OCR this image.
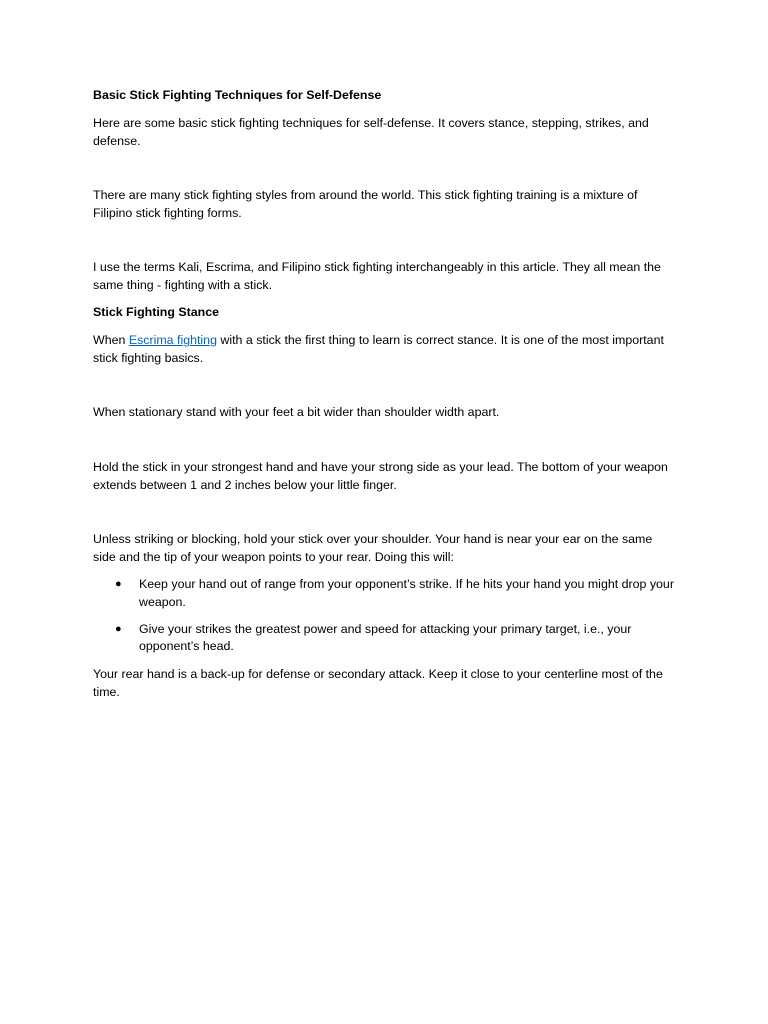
Basic Stick Fighting Techniques for Self-Defense

Here are some basic stick fighting techniques for self-defense. It covers stance, stepping, strikes, and defense.

There are many stick fighting styles from around the world. This stick fighting training is a mixture of Filipino stick fighting forms.

I use the terms Kali, Escrima, and Filipino stick fighting interchangeably in this article. They all mean the same thing - fighting with a stick.

Stick Fighting Stance

When Escrima fighting with a stick the first thing to learn is correct stance. It is one of the most important stick fighting basics.

When stationary stand with your feet a bit wider than shoulder width apart.

Hold the stick in your strongest hand and have your strong side as your lead. The bottom of your weapon extends between 1 and 2 inches below your little finger.

Unless striking or blocking, hold your stick over your shoulder. Your hand is near your ear on the same side and the tip of your weapon points to your rear. Doing this will:

● Keep your hand out of range from your opponent’s strike. If he hits your hand you might drop your weapon.
● Give your strikes the greatest power and speed for attacking your primary target, i.e., your opponent’s head.

Your rear hand is a back-up for defense or secondary attack. Keep it close to your centerline most of the time.
